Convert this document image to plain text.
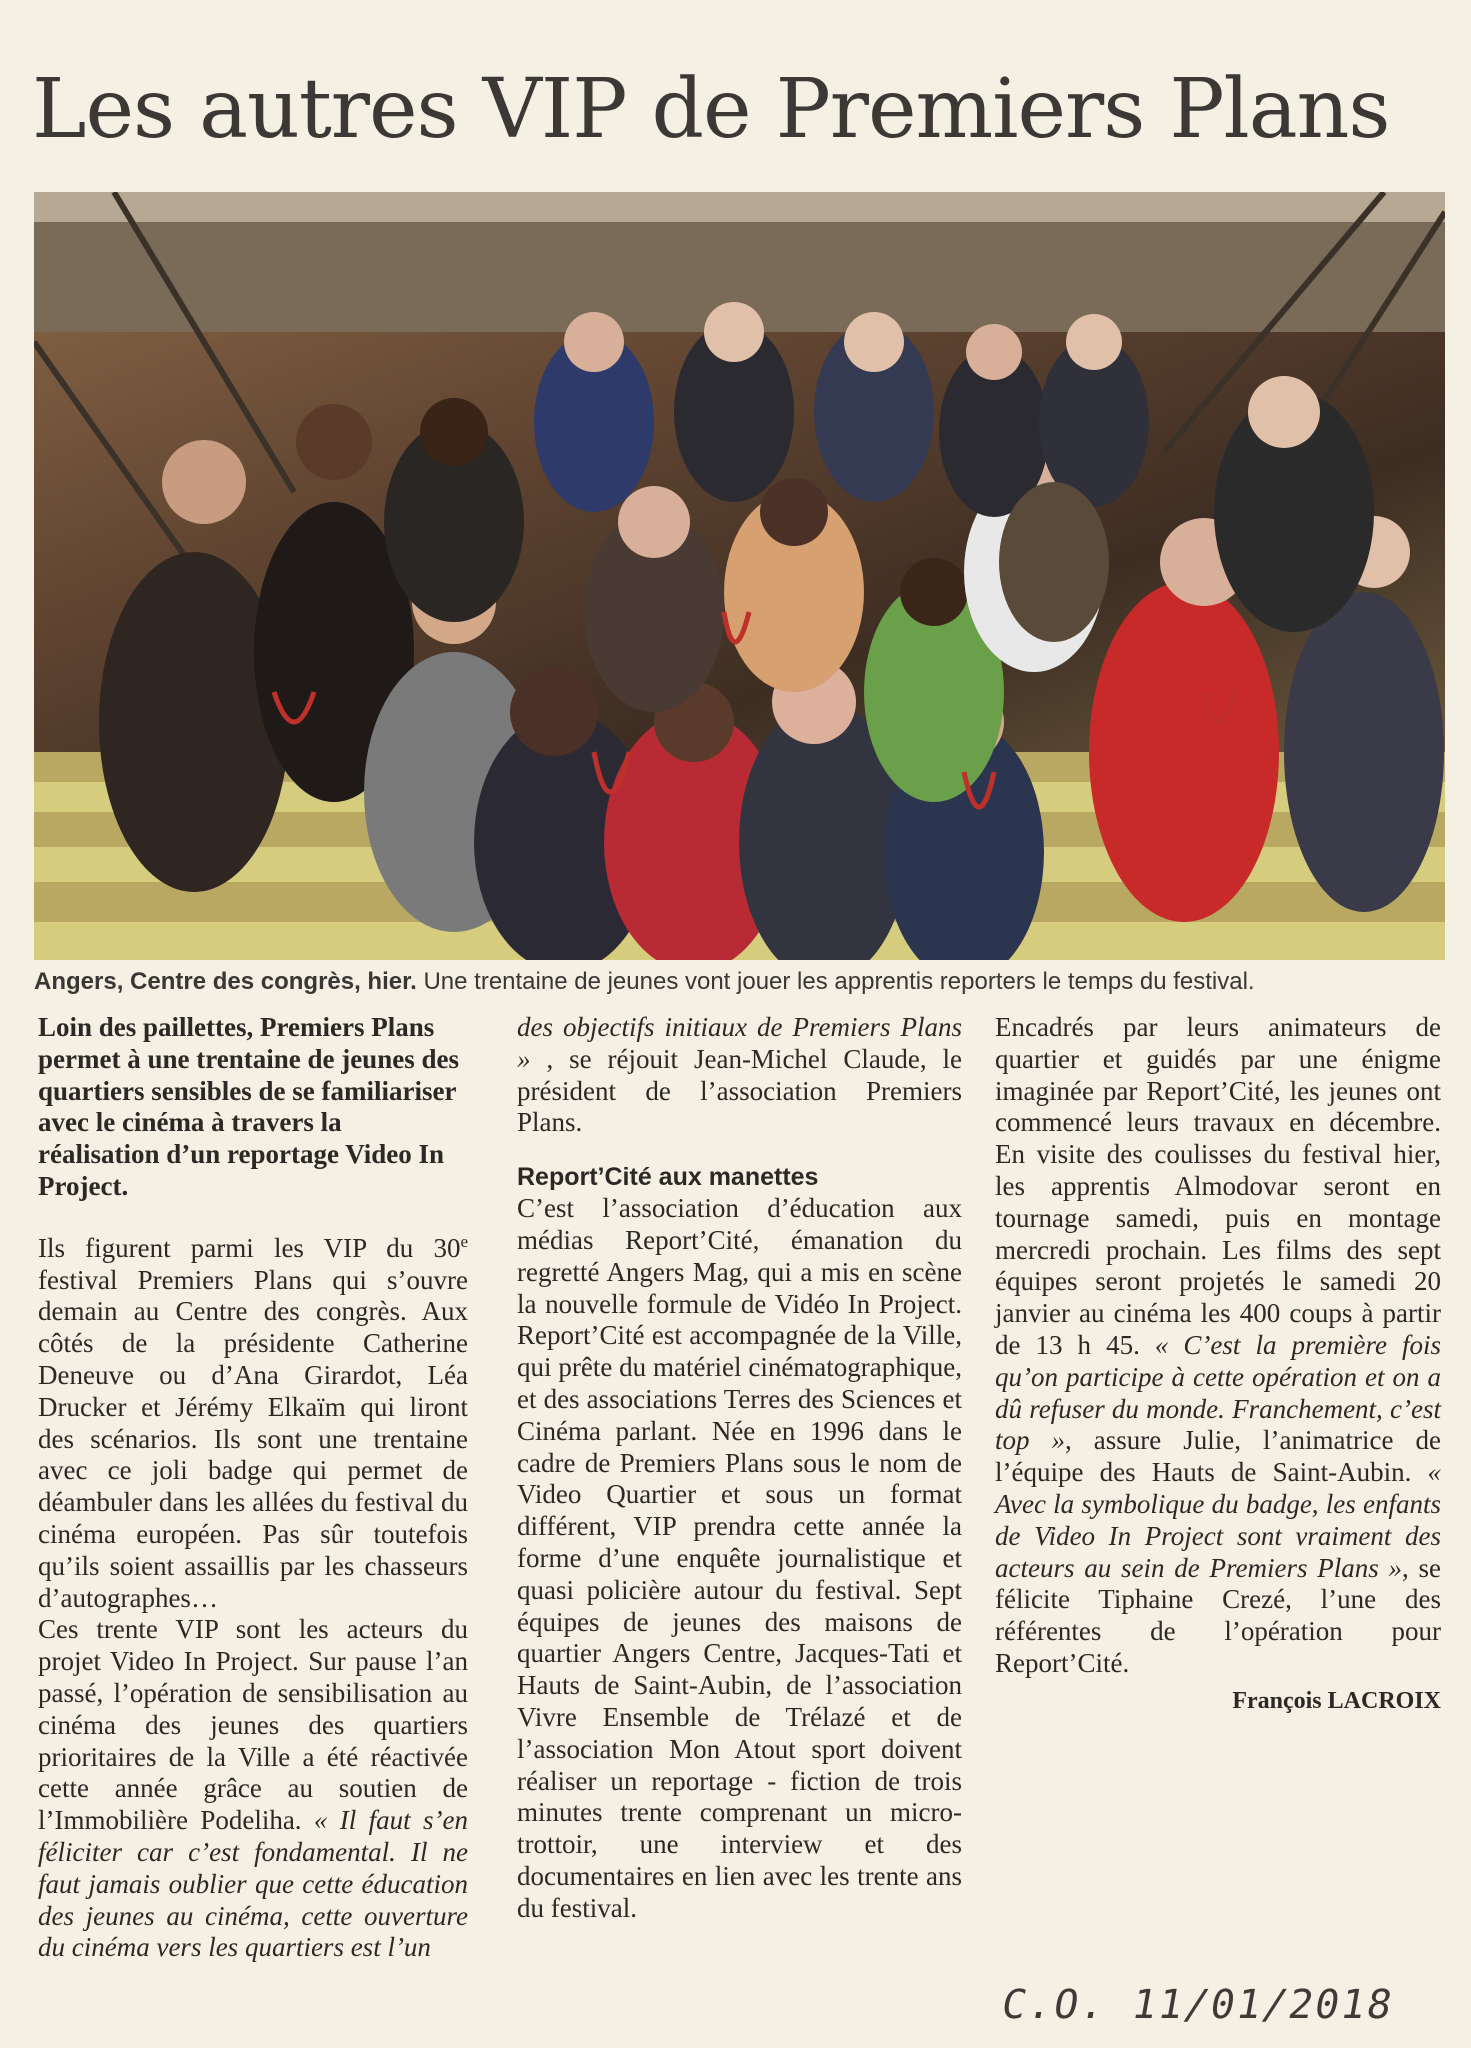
Les autres VIP de Premiers Plans
Angers, Centre des congrès, hier. Une trentaine de jeunes vont jouer les apprentis reporters le temps du festival.

Loin des paillettes, Premiers Plans permet à une trentaine de jeunes des quartiers sensibles de se familiariser avec le cinéma à travers la réalisation d’un reportage Video In Project.

Ils figurent parmi les VIP du 30e festival Premiers Plans qui s’ouvre demain au Centre des congrès. Aux côtés de la présidente Catherine Deneuve ou d’Ana Girardot, Léa Drucker et Jérémy Elkaïm qui liront des scénarios. Ils sont une trentaine avec ce joli badge qui permet de déambuler dans les allées du festival du cinéma européen. Pas sûr toutefois qu’ils soient assaillis par les chasseurs d’autographes…

Ces trente VIP sont les acteurs du projet Video In Project. Sur pause l’an passé, l’opération de sensibilisation au cinéma des jeunes des quartiers prioritaires de la Ville a été réactivée cette année grâce au soutien de l’Immobilière Podeliha. « Il faut s’en féliciter car c’est fondamental. Il ne faut jamais oublier que cette éducation des jeunes au cinéma, cette ouverture du cinéma vers les quartiers est l’un

des objectifs initiaux de Premiers Plans » , se réjouit Jean-Michel Claude, le président de l’association Premiers Plans.

Report’Cité aux manettes

C’est l’association d’éducation aux médias Report’Cité, émanation du regretté Angers Mag, qui a mis en scène la nouvelle formule de Vidéo In Project. Report’Cité est accompagnée de la Ville, qui prête du matériel cinématographique, et des associations Terres des Sciences et Cinéma parlant. Née en 1996 dans le cadre de Premiers Plans sous le nom de Video Quartier et sous un format différent, VIP prendra cette année la forme d’une enquête journalistique et quasi policière autour du festival. Sept équipes de jeunes des maisons de quartier Angers Centre, Jacques-Tati et Hauts de Saint-Aubin, de l’association Vivre Ensemble de Trélazé et de l’association Mon Atout sport doivent réaliser un reportage - fiction de trois minutes trente comprenant un micro-trottoir, une interview et des documentaires en lien avec les trente ans du festival.

Encadrés par leurs animateurs de quartier et guidés par une énigme imaginée par Report’Cité, les jeunes ont commencé leurs travaux en décembre. En visite des coulisses du festival hier, les apprentis Almodovar seront en tournage samedi, puis en montage mercredi prochain. Les films des sept équipes seront projetés le samedi 20 janvier au cinéma les 400 coups à partir de 13 h 45. « C’est la première fois qu’on participe à cette opération et on a dû refuser du monde. Franchement, c’est top », assure Julie, l’animatrice de l’équipe des Hauts de Saint-Aubin. « Avec la symbolique du badge, les enfants de Video In Project sont vraiment des acteurs au sein de Premiers Plans », se félicite Tiphaine Crezé, l’une des référentes de l’opération pour Report’Cité.

François LACROIX

C.O. 11/01/2018
